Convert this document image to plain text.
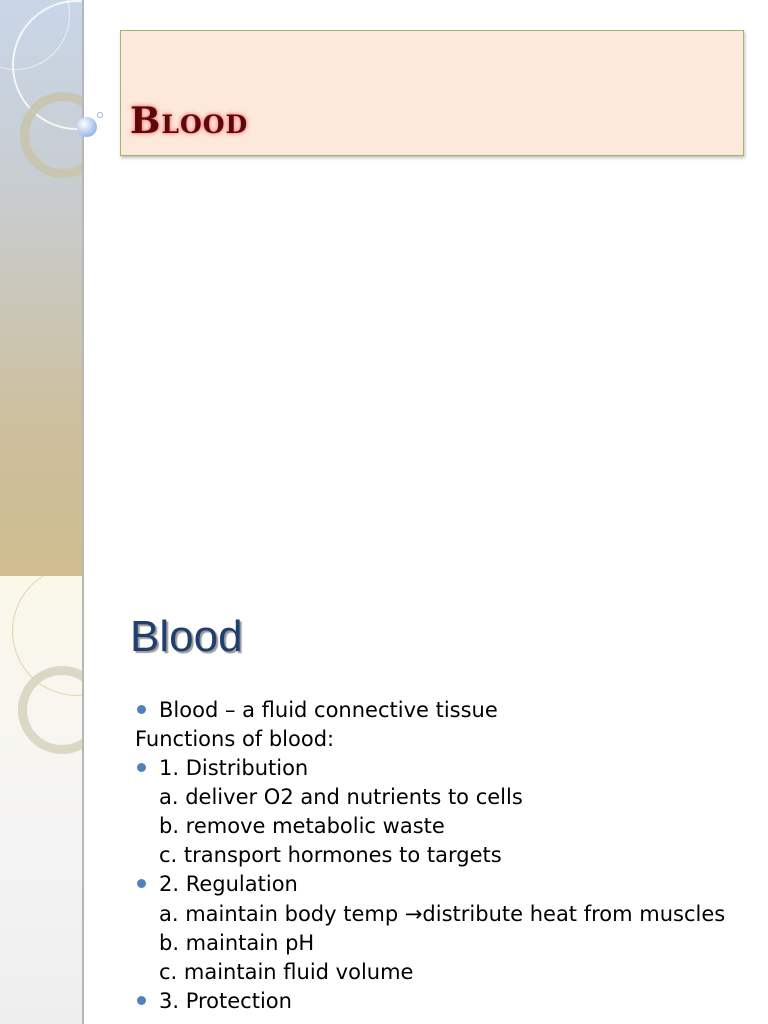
Blood
Blood
Blood – a fluid connective tissue
Functions of blood:
1. Distribution
a. deliver O2 and nutrients to cells
b. remove metabolic waste
c. transport hormones to targets
2. Regulation
a. maintain body temp →distribute heat from muscles
b. maintain pH
c. maintain fluid volume
3. Protection
